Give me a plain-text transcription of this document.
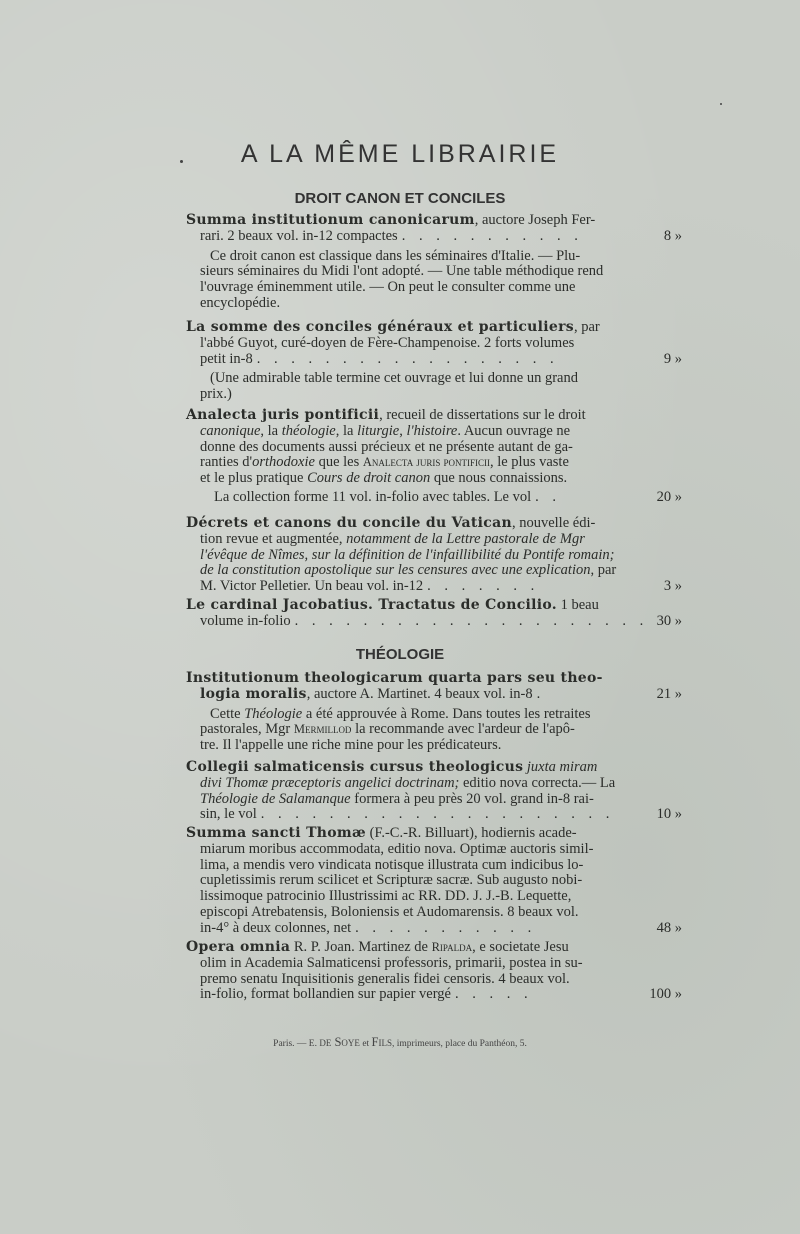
A LA MÊME LIBRAIRIE
DROIT CANON ET CONCILES
Summa institutionum canonicarum, auctore Joseph Fer-
rari. 2 beaux vol. in-12 compactes . . . . . . . . . . .	8 »
Ce droit canon est classique dans les séminaires d'Italie. — Plu-
sieurs séminaires du Midi l'ont adopté. — Une table méthodique rend
l'ouvrage éminemment utile. — On peut le consulter comme une
encyclopédie.
La somme des conciles généraux et particuliers, par
l'abbé Guyot, curé-doyen de Fère-Champenoise. 2 forts volumes
petit in-8 . . . . . . . . . . . . . . . . . .	9 »
(Une admirable table termine cet ouvrage et lui donne un grand
prix.)
Analecta juris pontificii, recueil de dissertations sur le droit
canonique, la théologie, la liturgie, l'histoire. Aucun ouvrage ne
donne des documents aussi précieux et ne présente autant de ga-
ranties d'orthodoxie que les Analecta juris pontificii, le plus vaste
et le plus pratique Cours de droit canon que nous connaissions.
La collection forme 11 vol. in-folio avec tables. Le vol . .	20 »
Décrets et canons du concile du Vatican, nouvelle édi-
tion revue et augmentée, notamment de la Lettre pastorale de Mgr
l'évêque de Nîmes, sur la définition de l'infaillibilité du Pontife romain;
de la constitution apostolique sur les censures avec une explication, par
M. Victor Pelletier. Un beau vol. in-12 . . . . . . .	3 »
Le cardinal Jacobatius. Tractatus de Concilio. 1 beau
volume in-folio . . . . . . . . . . . . . . . . . . . . . 30 »
THÉOLOGIE
Institutionum theologicarum quarta pars seu theo-
logia moralis , auctore A. Martinet. 4 beaux vol. in-8 .	21 »
Cette Théologie a été approuvée à Rome. Dans toutes les retraites
pastorales, Mgr Mermillod la recommande avec l'ardeur de l'apô-
tre. Il l'appelle une riche mine pour les prédicateurs.
Collegii salmaticensis cursus theologicus juxta miram
divi Thomæ præceptoris angelici doctrinam; editio nova correcta.— La
Théologie de Salamanque formera à peu près 20 vol. grand in-8 rai-
sin, le vol . . . . . . . . . . . . . . . . . . . . .	10 »
Summa sancti Thomæ (F.-C.-R. Billuart), hodiernis acade-
miarum moribus accommodata, editio nova. Optimæ auctoris simil-
lima, a mendis vero vindicata notisque illustrata cum indicibus lo-
cupletissimis rerum scilicet et Scripturæ sacræ. Sub augusto nobi-
lissimoque patrocinio Illustrissimi ac RR. DD. J. J.-B. Lequette,
episcopi Atrebatensis, Boloniensis et Audomarensis. 8 beaux vol.
in-4° à deux colonnes, net . . . . . . . . . . .	48 »
Opera omnia R. P. Joan. Martinez de Ripalda, e societate Jesu
olim in Academia Salmaticensi professoris, primarii, postea in su-
premo senatu Inquisitionis generalis fidei censoris. 4 beaux vol.
in-folio, format bollandien sur papier vergé . . . . .	100 »
Paris. — E. de Soye et Fils, imprimeurs, place du Panthéon, 5.
